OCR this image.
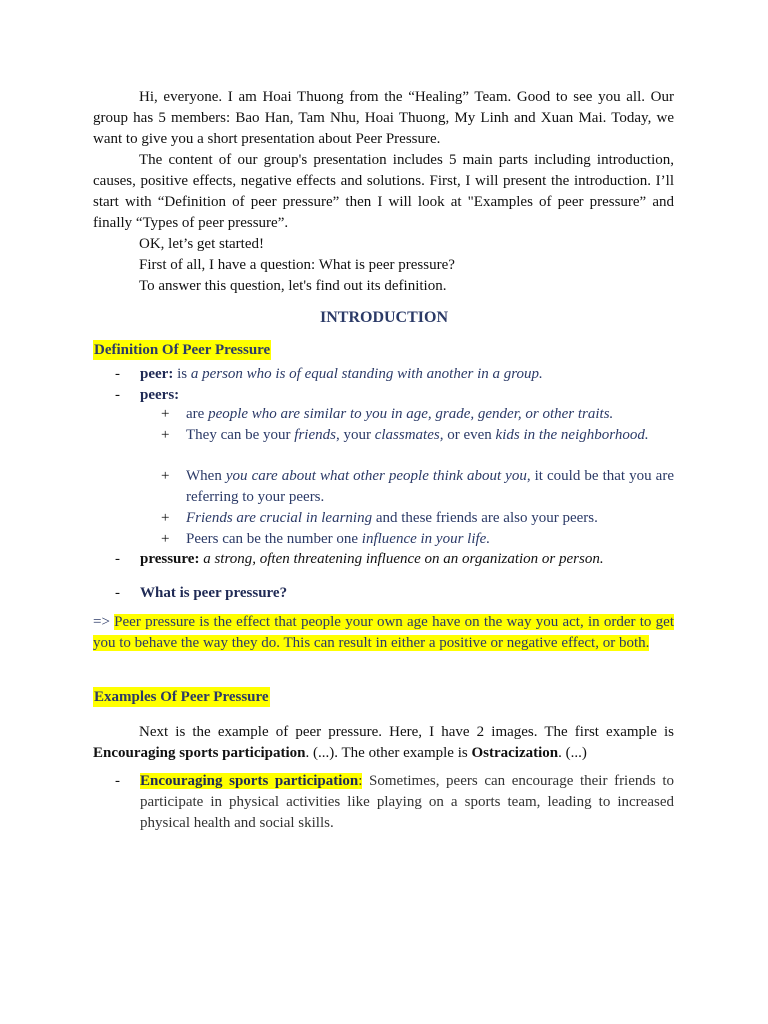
Hi, everyone. I am Hoai Thuong from the “Healing” Team. Good to see you all. Our group has 5 members: Bao Han, Tam Nhu, Hoai Thuong, My Linh and Xuan Mai. Today, we want to give you a short presentation about Peer Pressure.
The content of our group's presentation includes 5 main parts including introduction, causes, positive effects, negative effects and solutions. First, I will present the introduction. I’ll start with “Definition of peer pressure” then I will look at "Examples of peer pressure” and finally “Types of peer pressure”.
OK, let’s get started!
First of all, I have a question: What is peer pressure?
To answer this question, let's find out its definition.
INTRODUCTION
Definition Of Peer Pressure
- peer: is a person who is of equal standing with another in a group.
- peers:
+ are people who are similar to you in age, grade, gender, or other traits.
+ They can be your friends, your classmates, or even kids in the neighborhood.
+ When you care about what other people think about you, it could be that you are referring to your peers.
+ Friends are crucial in learning and these friends are also your peers.
+ Peers can be the number one influence in your life.
- pressure: a strong, often threatening influence on an organization or person.
- What is peer pressure?
=> Peer pressure is the effect that people your own age have on the way you act, in order to get you to behave the way they do. This can result in either a positive or negative effect, or both.
Examples Of Peer Pressure
Next is the example of peer pressure. Here, I have 2 images. The first example is Encouraging sports participation. (...). The other example is Ostracization. (...)
- Encouraging sports participation: Sometimes, peers can encourage their friends to participate in physical activities like playing on a sports team, leading to increased physical health and social skills.
